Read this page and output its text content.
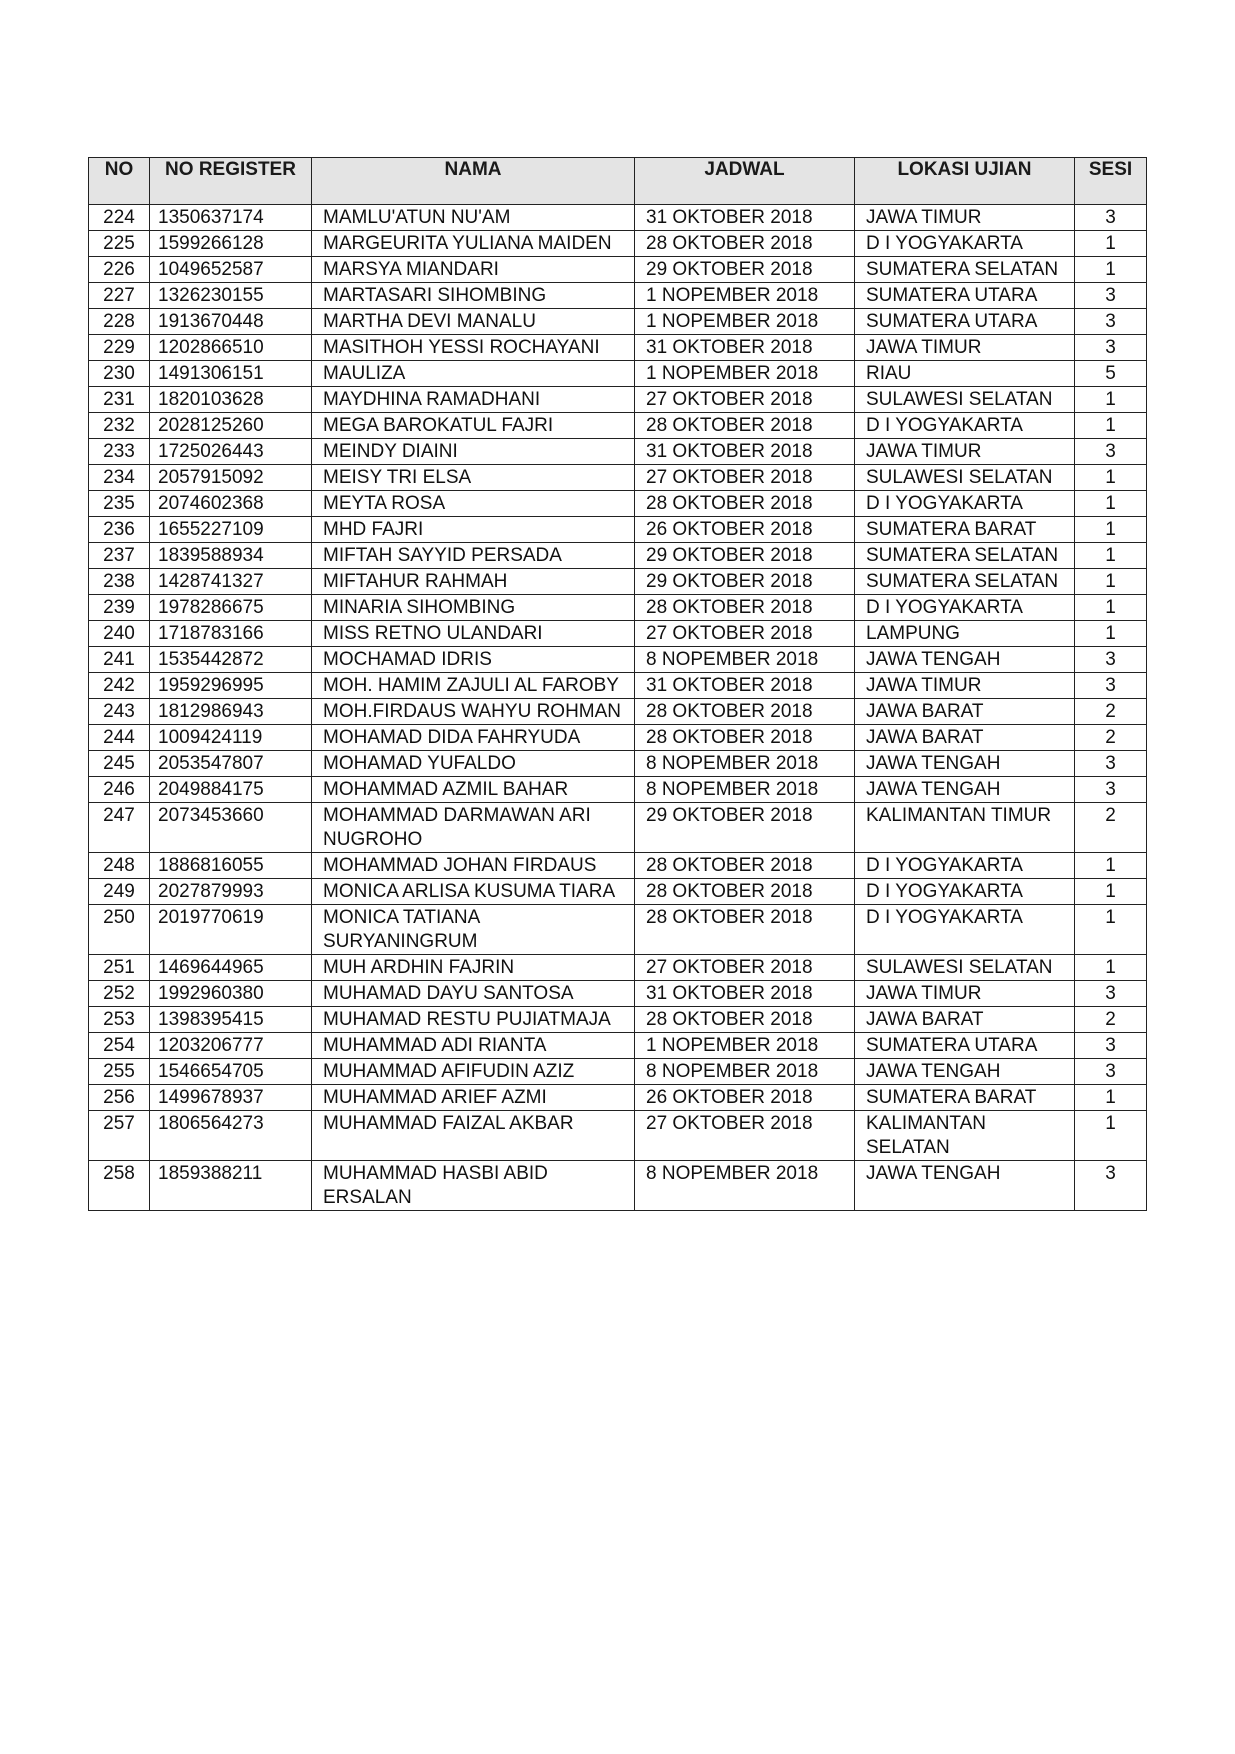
NO	NO REGISTER	NAMA	JADWAL	LOKASI UJIAN	SESI
224	1350637174	MAMLU'ATUN NU'AM	31 OKTOBER 2018	JAWA TIMUR	3
225	1599266128	MARGEURITA YULIANA MAIDEN	28 OKTOBER 2018	D I YOGYAKARTA	1
226	1049652587	MARSYA MIANDARI	29 OKTOBER 2018	SUMATERA SELATAN	1
227	1326230155	MARTASARI SIHOMBING	1 NOPEMBER 2018	SUMATERA UTARA	3
228	1913670448	MARTHA DEVI MANALU	1 NOPEMBER 2018	SUMATERA UTARA	3
229	1202866510	MASITHOH YESSI ROCHAYANI	31 OKTOBER 2018	JAWA TIMUR	3
230	1491306151	MAULIZA	1 NOPEMBER 2018	RIAU	5
231	1820103628	MAYDHINA RAMADHANI	27 OKTOBER 2018	SULAWESI SELATAN	1
232	2028125260	MEGA BAROKATUL FAJRI	28 OKTOBER 2018	D I YOGYAKARTA	1
233	1725026443	MEINDY DIAINI	31 OKTOBER 2018	JAWA TIMUR	3
234	2057915092	MEISY TRI ELSA	27 OKTOBER 2018	SULAWESI SELATAN	1
235	2074602368	MEYTA ROSA	28 OKTOBER 2018	D I YOGYAKARTA	1
236	1655227109	MHD FAJRI	26 OKTOBER 2018	SUMATERA BARAT	1
237	1839588934	MIFTAH SAYYID PERSADA	29 OKTOBER 2018	SUMATERA SELATAN	1
238	1428741327	MIFTAHUR RAHMAH	29 OKTOBER 2018	SUMATERA SELATAN	1
239	1978286675	MINARIA SIHOMBING	28 OKTOBER 2018	D I YOGYAKARTA	1
240	1718783166	MISS RETNO ULANDARI	27 OKTOBER 2018	LAMPUNG	1
241	1535442872	MOCHAMAD IDRIS	8 NOPEMBER 2018	JAWA TENGAH	3
242	1959296995	MOH. HAMIM ZAJULI AL FAROBY	31 OKTOBER 2018	JAWA TIMUR	3
243	1812986943	MOH.FIRDAUS WAHYU ROHMAN	28 OKTOBER 2018	JAWA BARAT	2
244	1009424119	MOHAMAD DIDA FAHRYUDA	28 OKTOBER 2018	JAWA BARAT	2
245	2053547807	MOHAMAD YUFALDO	8 NOPEMBER 2018	JAWA TENGAH	3
246	2049884175	MOHAMMAD AZMIL BAHAR	8 NOPEMBER 2018	JAWA TENGAH	3
247	2073453660	MOHAMMAD DARMAWAN ARI NUGROHO	29 OKTOBER 2018	KALIMANTAN TIMUR	2
248	1886816055	MOHAMMAD JOHAN FIRDAUS	28 OKTOBER 2018	D I YOGYAKARTA	1
249	2027879993	MONICA ARLISA KUSUMA TIARA	28 OKTOBER 2018	D I YOGYAKARTA	1
250	2019770619	MONICA TATIANA SURYANINGRUM	28 OKTOBER 2018	D I YOGYAKARTA	1
251	1469644965	MUH ARDHIN FAJRIN	27 OKTOBER 2018	SULAWESI SELATAN	1
252	1992960380	MUHAMAD DAYU SANTOSA	31 OKTOBER 2018	JAWA TIMUR	3
253	1398395415	MUHAMAD RESTU PUJIATMAJA	28 OKTOBER 2018	JAWA BARAT	2
254	1203206777	MUHAMMAD ADI RIANTA	1 NOPEMBER 2018	SUMATERA UTARA	3
255	1546654705	MUHAMMAD AFIFUDIN AZIZ	8 NOPEMBER 2018	JAWA TENGAH	3
256	1499678937	MUHAMMAD ARIEF AZMI	26 OKTOBER 2018	SUMATERA BARAT	1
257	1806564273	MUHAMMAD FAIZAL AKBAR	27 OKTOBER 2018	KALIMANTAN SELATAN	1
258	1859388211	MUHAMMAD HASBI ABID ERSALAN	8 NOPEMBER 2018	JAWA TENGAH	3
